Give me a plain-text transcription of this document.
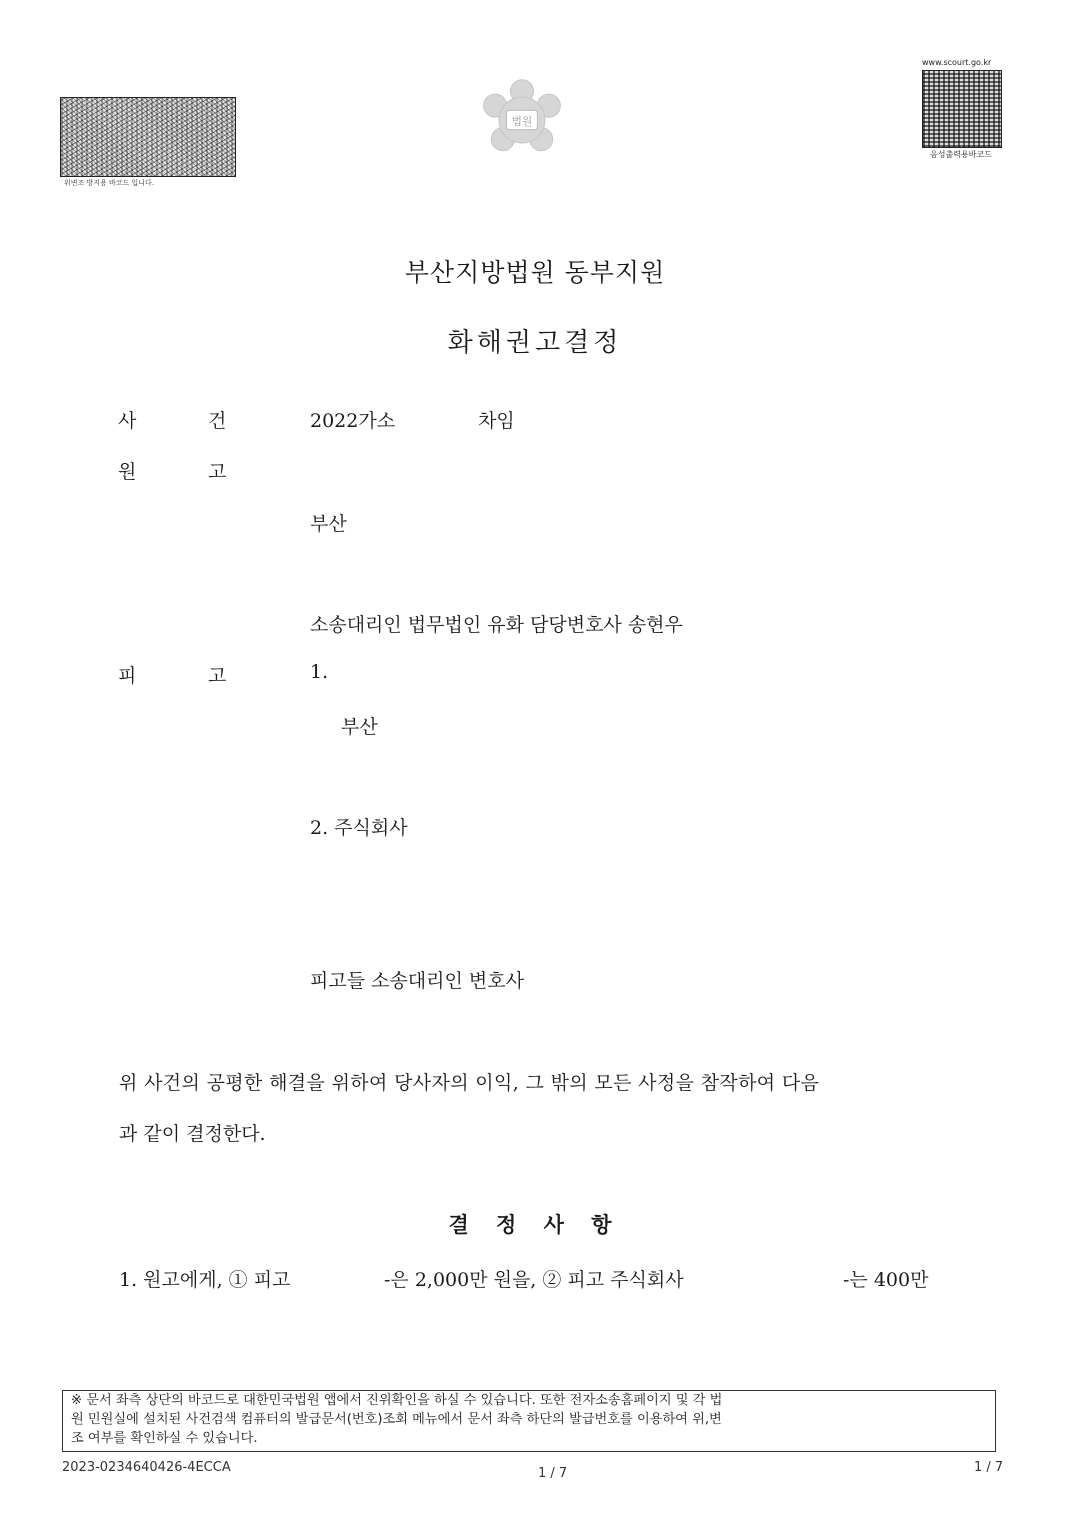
위변조 방지용 바코드 입니다.
법원
www.scourt.go.kr
음성출력용바코드
부산지방법원 동부지원
화해권고결정
사	건	2022가소	차임
원	고
부산
소송대리인 법무법인 유화 담당변호사 송현우
피	고	1.
부산
2. 주식회사
피고들 소송대리인 변호사
위 사건의 공평한 해결을 위하여 당사자의 이익, 그 밖의 모든 사정을 참작하여 다음
과 같이 결정한다.
결 정 사 항
1. 원고에게, ① 피고	-은 2,000만 원을, ② 피고 주식회사	-는 400만
※ 문서 좌측 상단의 바코드로 대한민국법원 앱에서 진위확인을 하실 수 있습니다. 또한 전자소송홈페이지 및 각 법
원 민원실에 설치된 사건검색 컴퓨터의 발급문서(번호)조회 메뉴에서 문서 좌측 하단의 발급번호를 이용하여 위,변
조 여부를 확인하실 수 있습니다.
2023-0234640426-4ECCA	1 / 7	1 / 7
